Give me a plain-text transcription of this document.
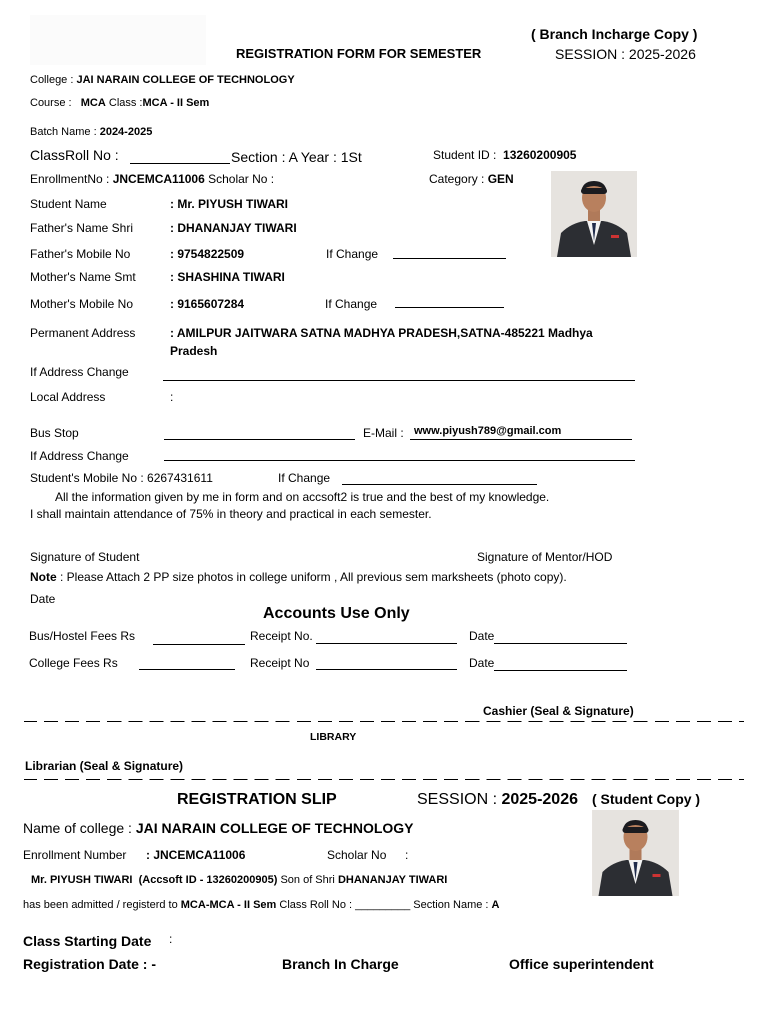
( Branch Incharge Copy )
REGISTRATION FORM FOR SEMESTER	SESSION : 2025-2026
College : JAI NARAIN COLLEGE OF TECHNOLOGY
Course : MCA Class :MCA - II Sem
Batch Name : 2024-2025
ClassRoll No :	Section : A Year : 1St	Student ID : 13260200905
EnrollmentNo : JNCEMCA11006 Scholar No :	Category : GEN
Student Name	: Mr. PIYUSH TIWARI
Father's Name Shri	: DHANANJAY TIWARI
Father's Mobile No	: 9754822509	If Change
Mother's Name Smt	: SHASHINA TIWARI
Mother's Mobile No	: 9165607284	If Change
Permanent Address	: AMILPUR JAITWARA SATNA MADHYA PRADESH,SATNA-485221 Madhya
Pradesh
If Address Change
Local Address	:
Bus Stop	E-Mail : www.piyush789@gmail.com
If Address Change
Student's Mobile No : 6267431611	If Change
All the information given by me in form and on accsoft2 is true and the best of my knowledge.
I shall maintain attendance of 75% in theory and practical in each semester.
Signature of Student	Signature of Mentor/HOD
Note : Please Attach 2 PP size photos in college uniform , All previous sem marksheets (photo copy).
Date
Accounts Use Only
Bus/Hostel Fees Rs	Receipt No.	Date
College Fees Rs	Receipt No	Date
Cashier (Seal & Signature)
LIBRARY
Librarian (Seal & Signature)
REGISTRATION SLIP	SESSION : 2025-2026 ( Student Copy )
Name of college : JAI NARAIN COLLEGE OF TECHNOLOGY
Enrollment Number : JNCEMCA11006	Scholar No :
Mr. PIYUSH TIWARI (Accsoft ID - 13260200905) Son of Shri DHANANJAY TIWARI
has been admitted / registerd to MCA-MCA - II Sem Class Roll No : _________ Section Name : A
Class Starting Date :
Registration Date : -	Branch In Charge	Office superintendent
